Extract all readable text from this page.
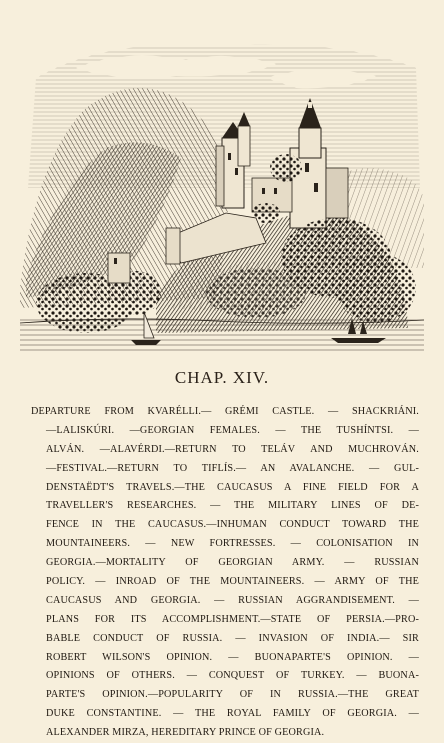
CHAP. XIV.
DEPARTURE FROM KVARÉLLI.— GRÉMI CASTLE. — SHACKRIÁNI.
—LALISKÚRI. —GEORGIAN FEMALES. — THE TUSHÍNTSI. —
ALVÁN. —ALAVÉRDI.—RETURN TO TELÁV AND MUCHROVÁN.
—FESTIVAL.—RETURN TO TIFLÍS.— AN AVALANCHE. — GUL-
DENSTAËDT'S TRAVELS.—THE CAUCASUS A FINE FIELD FOR A
TRAVELLER'S RESEARCHES. — THE MILITARY LINES OF DE-
FENCE IN THE CAUCASUS.—INHUMAN CONDUCT TOWARD THE
MOUNTAINEERS. — NEW FORTRESSES. — COLONISATION IN
GEORGIA.—MORTALITY OF GEORGIAN ARMY. — RUSSIAN
POLICY. — INROAD OF THE MOUNTAINEERS. — ARMY OF THE
CAUCASUS AND GEORGIA. — RUSSIAN AGGRANDISEMENT. —
PLANS FOR ITS ACCOMPLISHMENT.—STATE OF PERSIA.—PRO-
BABLE CONDUCT OF RUSSIA. — INVASION OF INDIA.— SIR
ROBERT WILSON'S OPINION. — BUONAPARTE'S OPINION. —
OPINIONS OF OTHERS. — CONQUEST OF TURKEY. — BUONA-
PARTE'S OPINION.—POPULARITY OF IN RUSSIA.—THE GREAT
DUKE CONSTANTINE. — THE ROYAL FAMILY OF GEORGIA. —
ALEXANDER MIRZA, HEREDITARY PRINCE OF GEORGIA.
